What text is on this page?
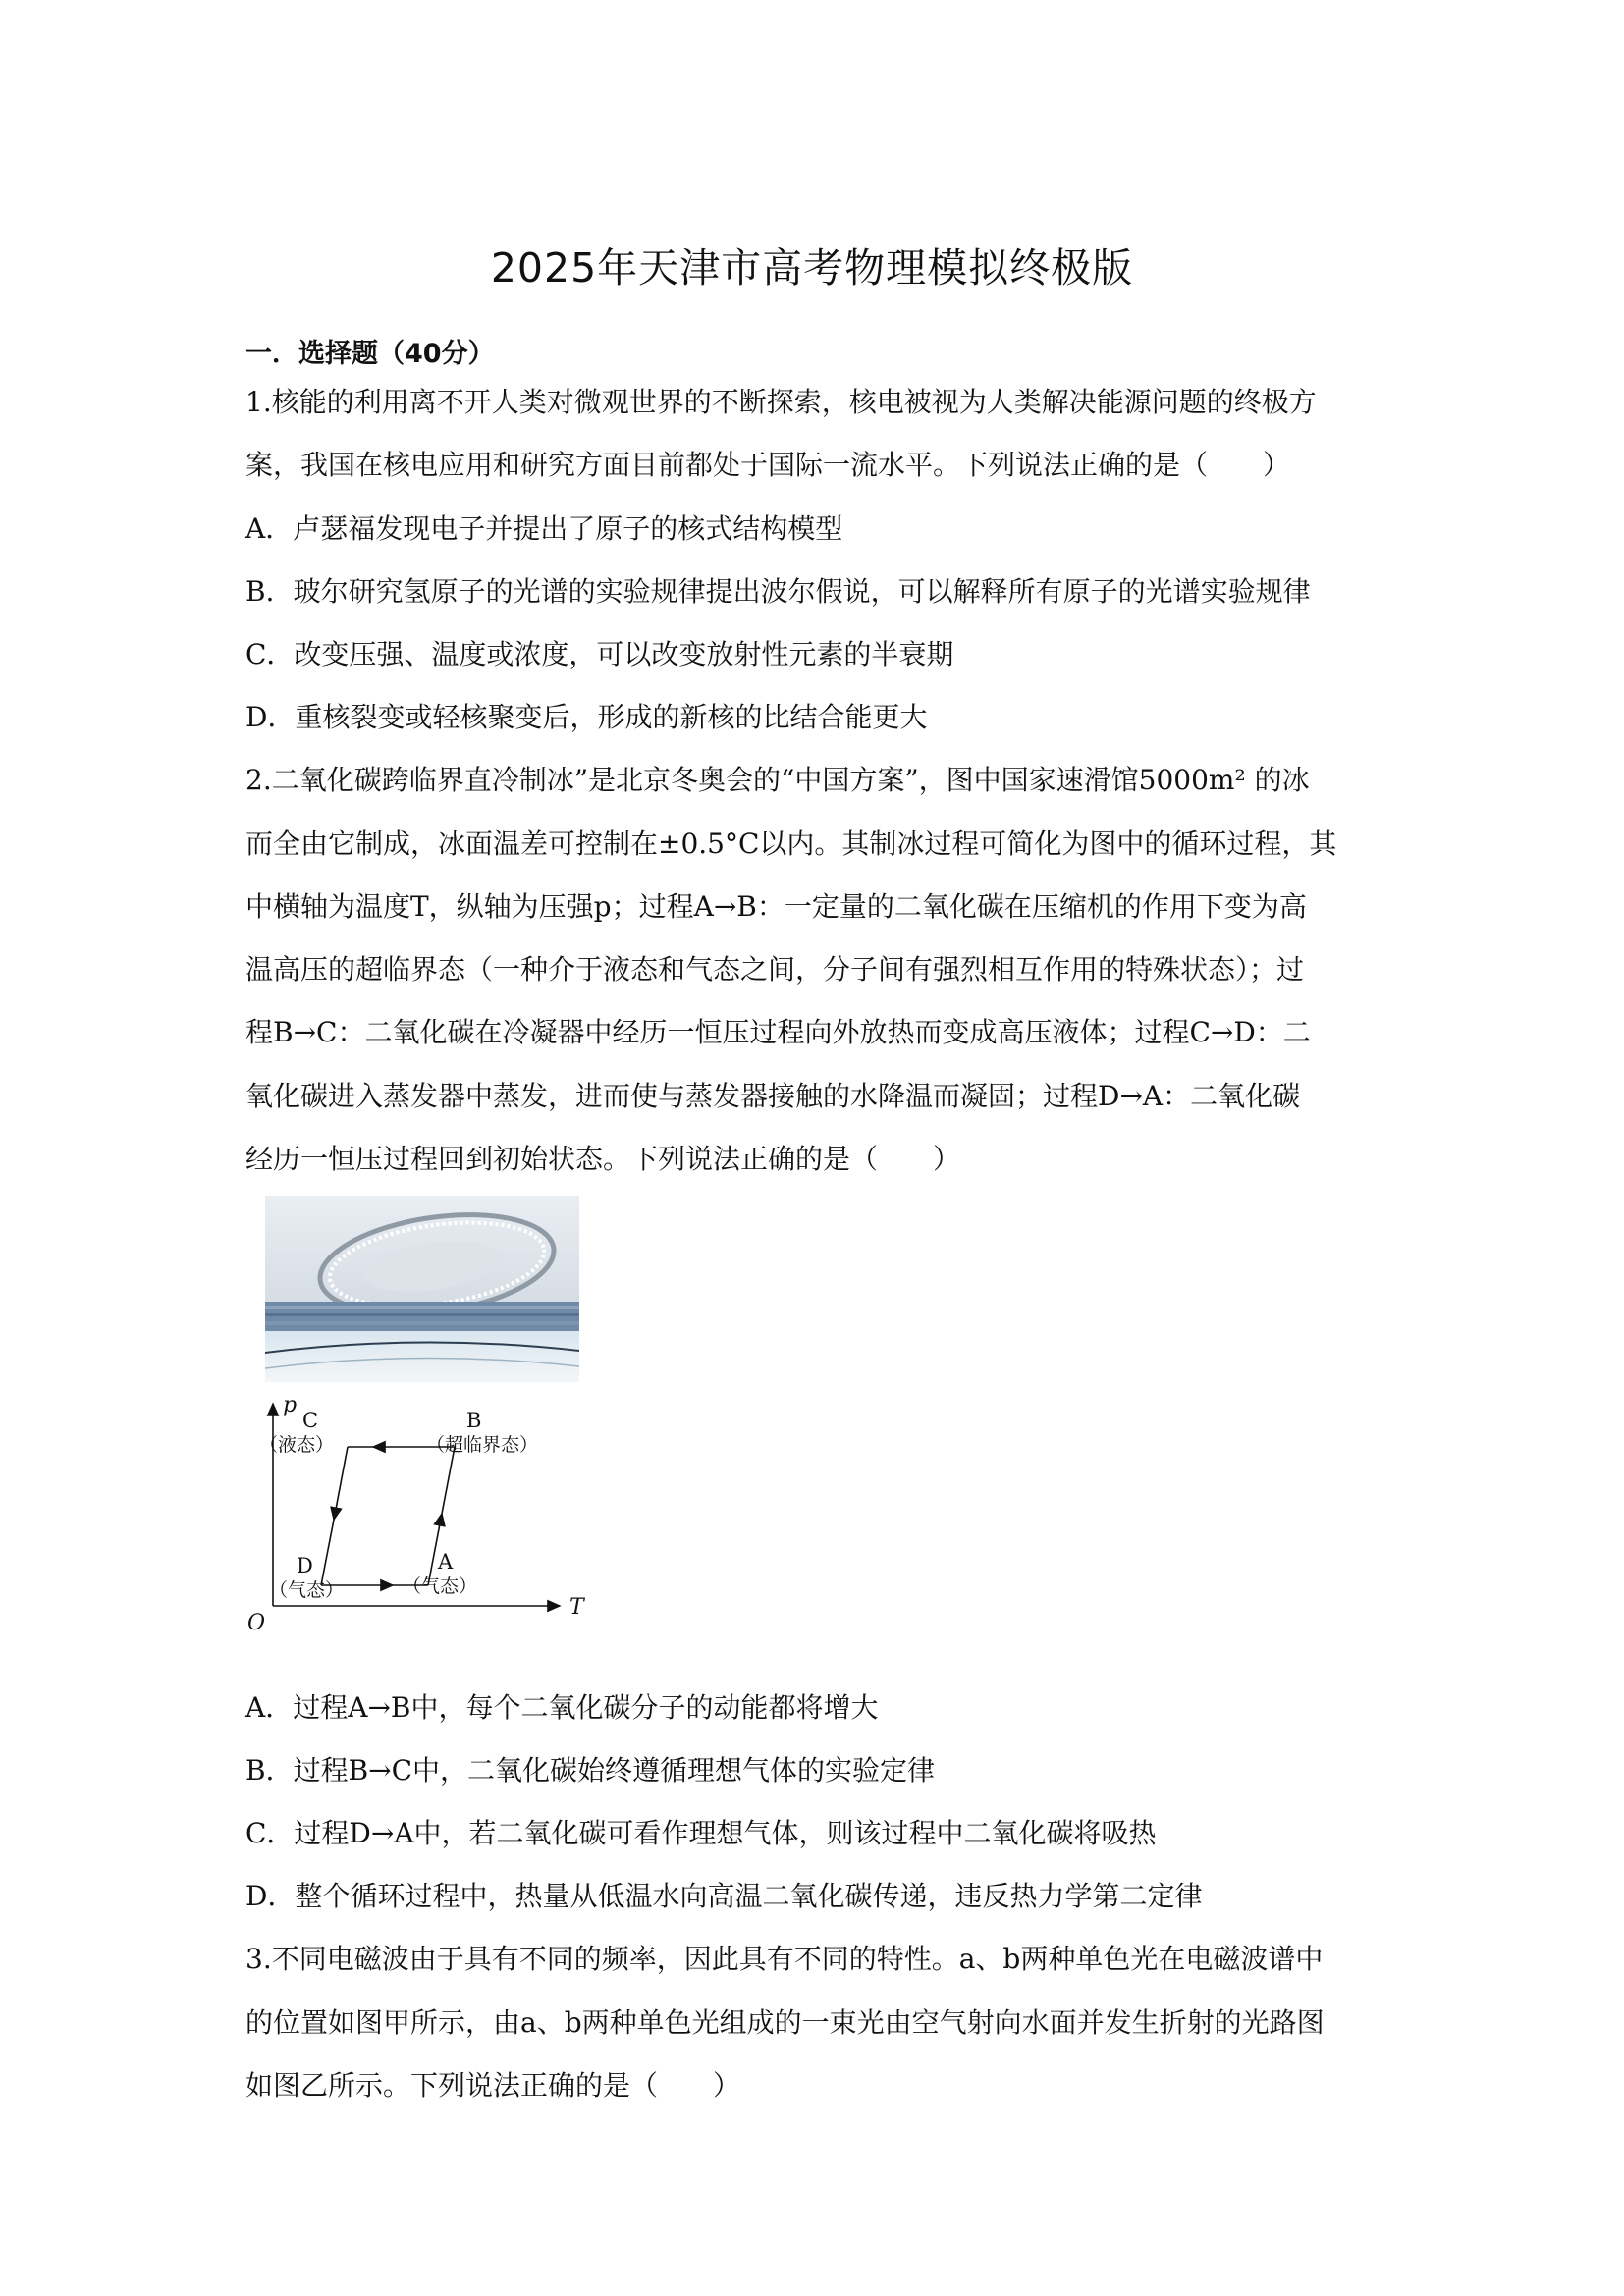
2025年天津市高考物理模拟终极版
一．选择题（40分）
1.核能的利用离不开人类对微观世界的不断探索，核电被视为人类解决能源问题的终极方
案，我国在核电应用和研究方面目前都处于国际一流水平。下列说法正确的是（　　）
A．卢瑟福发现电子并提出了原子的核式结构模型
B．玻尔研究氢原子的光谱的实验规律提出波尔假说，可以解释所有原子的光谱实验规律
C．改变压强、温度或浓度，可以改变放射性元素的半衰期
D．重核裂变或轻核聚变后，形成的新核的比结合能更大
2.二氧化碳跨临界直冷制冰”是北京冬奥会的“中国方案”，图中国家速滑馆5000m² 的冰
而全由它制成，冰面温差可控制在±0.5°C以内。其制冰过程可简化为图中的循环过程，其
中横轴为温度T，纵轴为压强p；过程A→B：一定量的二氧化碳在压缩机的作用下变为高
温高压的超临界态（一种介于液态和气态之间，分子间有强烈相互作用的特殊状态）；过
程B→C：二氧化碳在冷凝器中经历一恒压过程向外放热而变成高压液体；过程C→D：二
氧化碳进入蒸发器中蒸发，进而使与蒸发器接触的水降温而凝固；过程D→A：二氧化碳
经历一恒压过程回到初始状态。下列说法正确的是（　　）
p
T
O
C
（液态）
B
（超临界态）
D
（气态）
A
（气态）
A．过程A→B中，每个二氧化碳分子的动能都将增大
B．过程B→C中，二氧化碳始终遵循理想气体的实验定律
C．过程D→A中，若二氧化碳可看作理想气体，则该过程中二氧化碳将吸热
D．整个循环过程中，热量从低温水向高温二氧化碳传递，违反热力学第二定律
3.不同电磁波由于具有不同的频率，因此具有不同的特性。a、b两种单色光在电磁波谱中
的位置如图甲所示，由a、b两种单色光组成的一束光由空气射向水面并发生折射的光路图
如图乙所示。下列说法正确的是（　　）
